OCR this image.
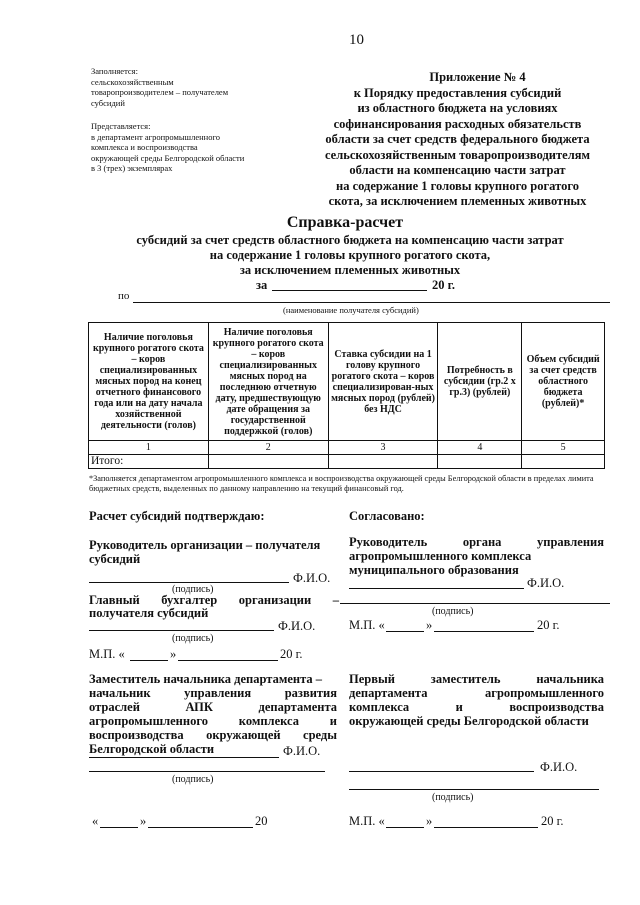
10
Заполняется:
сельскохозяйственным
товаропроизводителем – получателем
субсидий
Представляется:
в департамент агропромышленного
комплекса и воспроизводства
окружающей среды Белгородской области
в 3 (трех) экземплярах
Приложение № 4
к Порядку предоставления субсидий
из областного бюджета на условиях
софинансирования расходных обязательств
области за счет средств федерального бюджета
сельскохозяйственным товаропроизводителям
области на компенсацию части затрат
на содержание 1 головы крупного рогатого
скота, за исключением племенных животных
Справка-расчет
субсидий за счет средств областного бюджета на компенсацию части затрат
на содержание 1 головы крупного рогатого скота,
за исключением племенных животных
за	20 г.
по
(наименование получателя субсидий)
Наличие поголовья крупного рогатого скота – коров специализированных мясных пород на конец отчетного финансового года или на дату начала хозяйственной деятельности (голов)	Наличие поголовья крупного рогатого скота – коров специализированных мясных пород на последнюю отчетную дату, предшествующую дате обращения за государственной поддержкой (голов)	Ставка субсидии на 1 голову крупного рогатого скота – коров специализирован-ных мясных пород (рублей) без НДС	Потребность в субсидии (гр.2 х гр.3) (рублей)	Объем субсидий за счет средств областного бюджета (рублей)*
1	2	3	4	5
Итого:				
*Заполняется департаментом агропромышленного комплекса и воспроизводства окружающей среды Белгородской области в пределах лимита бюджетных средств, выделенных по данному направлению на текущий финансовый год.
Расчет субсидий подтверждаю:
Руководитель организации – получателя субсидий
Ф.И.О.
(подпись)
Главный бухгалтер организации –
получателя субсидий
Ф.И.О.
(подпись)
М.П. «	»	20 г.
Заместитель начальника департамента –
начальник управления развития
отраслей АПК департамента
агропромышленного комплекса и
воспроизводства окружающей среды
Белгородской области	Ф.И.О.
(подпись)
«	»	20
Согласовано:
Руководитель органа управления
агропромышленного комплекса
муниципального образования
Ф.И.О.
(подпись)
М.П. «	»	20 г.
Первый заместитель начальника
департамента агропромышленного
комплекса и воспроизводства
окружающей среды Белгородской области
Ф.И.О.
(подпись)
М.П. «	»	20 г.
